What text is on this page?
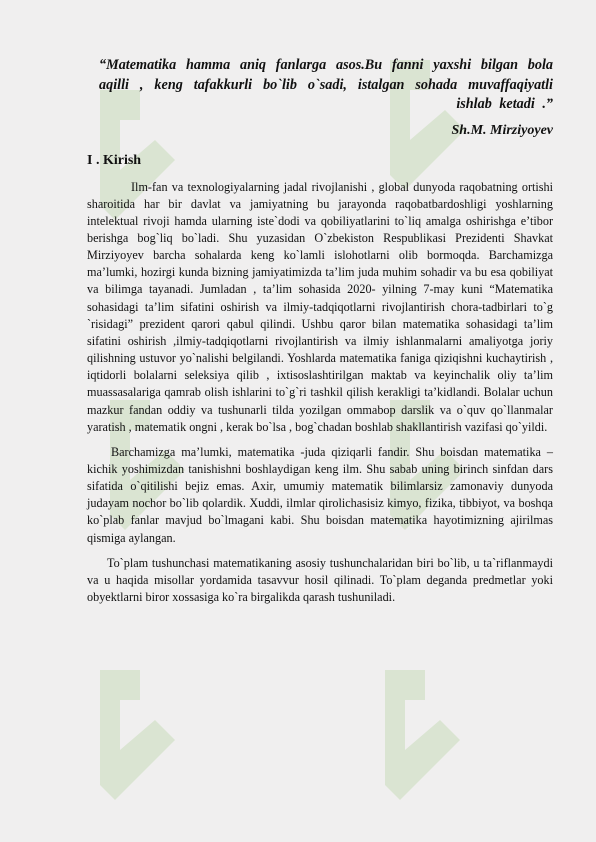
“Matematika hamma aniq fanlarga asos.Bu fanni yaxshi bilgan bola aqilli , keng tafakkurli bo`lib o`sadi, istalgan sohada muvaffaqiyatli ishlab ketadi .”

Sh.M. Mirziyoyev
I . Kirish

Ilm-fan va texnologiyalarning jadal rivojlanishi , global dunyoda raqobatning ortishi sharoitida har bir davlat va jamiyatning bu jarayonda raqobatbardoshligi yoshlarning intelektual rivoji hamda ularning iste`dodi va qobiliyatlarini to`liq amalga oshirishga e’tibor berishga bog`liq bo`ladi. Shu yuzasidan O`zbekiston Respublikasi Prezidenti Shavkat Mirziyoyev barcha sohalarda keng ko`lamli islohotlarni olib bormoqda. Barchamizga ma’lumki, hozirgi kunda bizning jamiyatimizda ta’lim juda muhim sohadir va bu esa qobiliyat va bilimga tayanadi. Jumladan , ta’lim sohasida 2020- yilning 7-may kuni “Matematika sohasidagi ta’lim sifatini oshirish va ilmiy-tadqiqotlarni rivojlantirish chora-tadbirlari to`g `risidagi” prezident qarori qabul qilindi. Ushbu qaror bilan matematika sohasidagi ta’lim sifatini oshirish ,ilmiy-tadqiqotlarni rivojlantirish va ilmiy ishlanmalarni amaliyotga joriy qilishning ustuvor yo`nalishi belgilandi. Yoshlarda matematika faniga qiziqishni kuchaytirish , iqtidorli bolalarni seleksiya qilib , ixtisoslashtirilgan maktab va keyinchalik oliy ta’lim muassasalariga qamrab olish ishlarini to`g`ri tashkil qilish kerakligi ta’kidlandi. Bolalar uchun mazkur fandan oddiy va tushunarli tilda yozilgan ommabop darslik va o`quv qo`llanmalar yaratish , matematik ongni , kerak bo`lsa , bog`chadan boshlab shakllantirish vazifasi qo`yildi.

Barchamizga ma’lumki, matematika -juda qiziqarli fandir. Shu boisdan matematika – kichik yoshimizdan tanishishni boshlaydigan keng ilm. Shu sabab uning birinch sinfdan dars sifatida o`qitilishi bejiz emas. Axir, umumiy matematik bilimlarsiz zamonaviy dunyoda judayam nochor bo`lib qolardik. Xuddi, ilmlar qirolichasisiz kimyo, fizika, tibbiyot, va boshqa ko`plab fanlar mavjud bo`lmagani kabi. Shu boisdan matematika hayotimizning ajirilmas qismiga aylangan.

To`plam tushunchasi matematikaning asosiy tushunchalaridan biri bo`lib, u ta`riflanmaydi va u haqida misollar yordamida tasavvur hosil qilinadi. To`plam deganda predmetlar yoki obyektlarni biror xossasiga ko`ra birgalikda qarash tushuniladi.
